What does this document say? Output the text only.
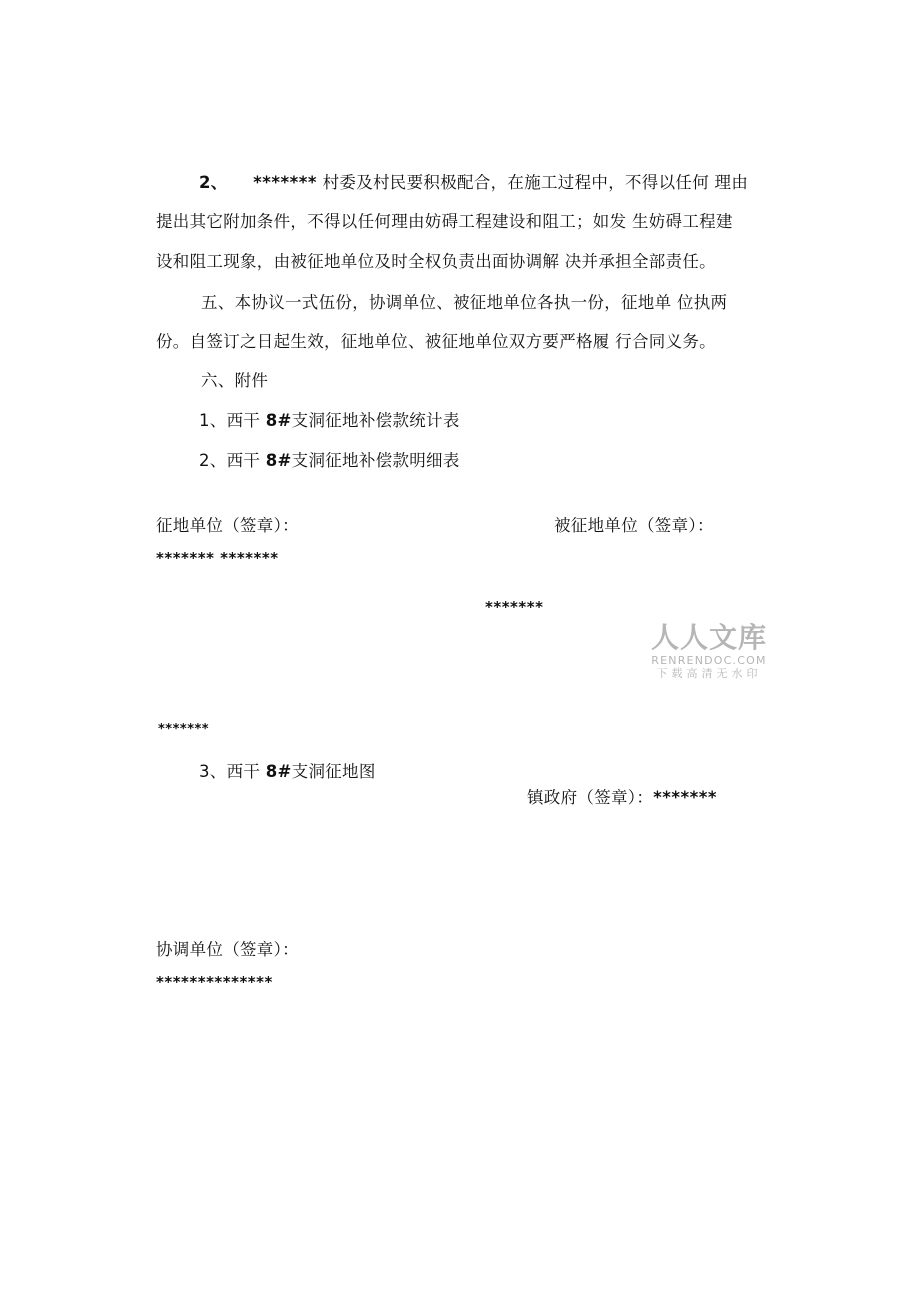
2、 ******* 村委及村民要积极配合，在施工过程中，不得以任何 理由
提出其它附加条件，不得以任何理由妨碍工程建设和阻工；如发 生妨碍工程建
设和阻工现象，由被征地单位及时全权负责出面协调解 决并承担全部责任。
五、本协议一式伍份，协调单位、被征地单位各执一份，征地单 位执两
份。自签订之日起生效，征地单位、被征地单位双方要严格履 行合同义务。
六、附件
1、西干 8#支洞征地补偿款统计表
2、西干 8#支洞征地补偿款明细表
征地单位（签章）：	被征地单位（签章）：
******* *******
*******
人人文库
RENRENDOC.COM
下载高清无水印
*******
3、西干 8#支洞征地图
镇政府（签章）：*******
协调单位（签章）：
**************
